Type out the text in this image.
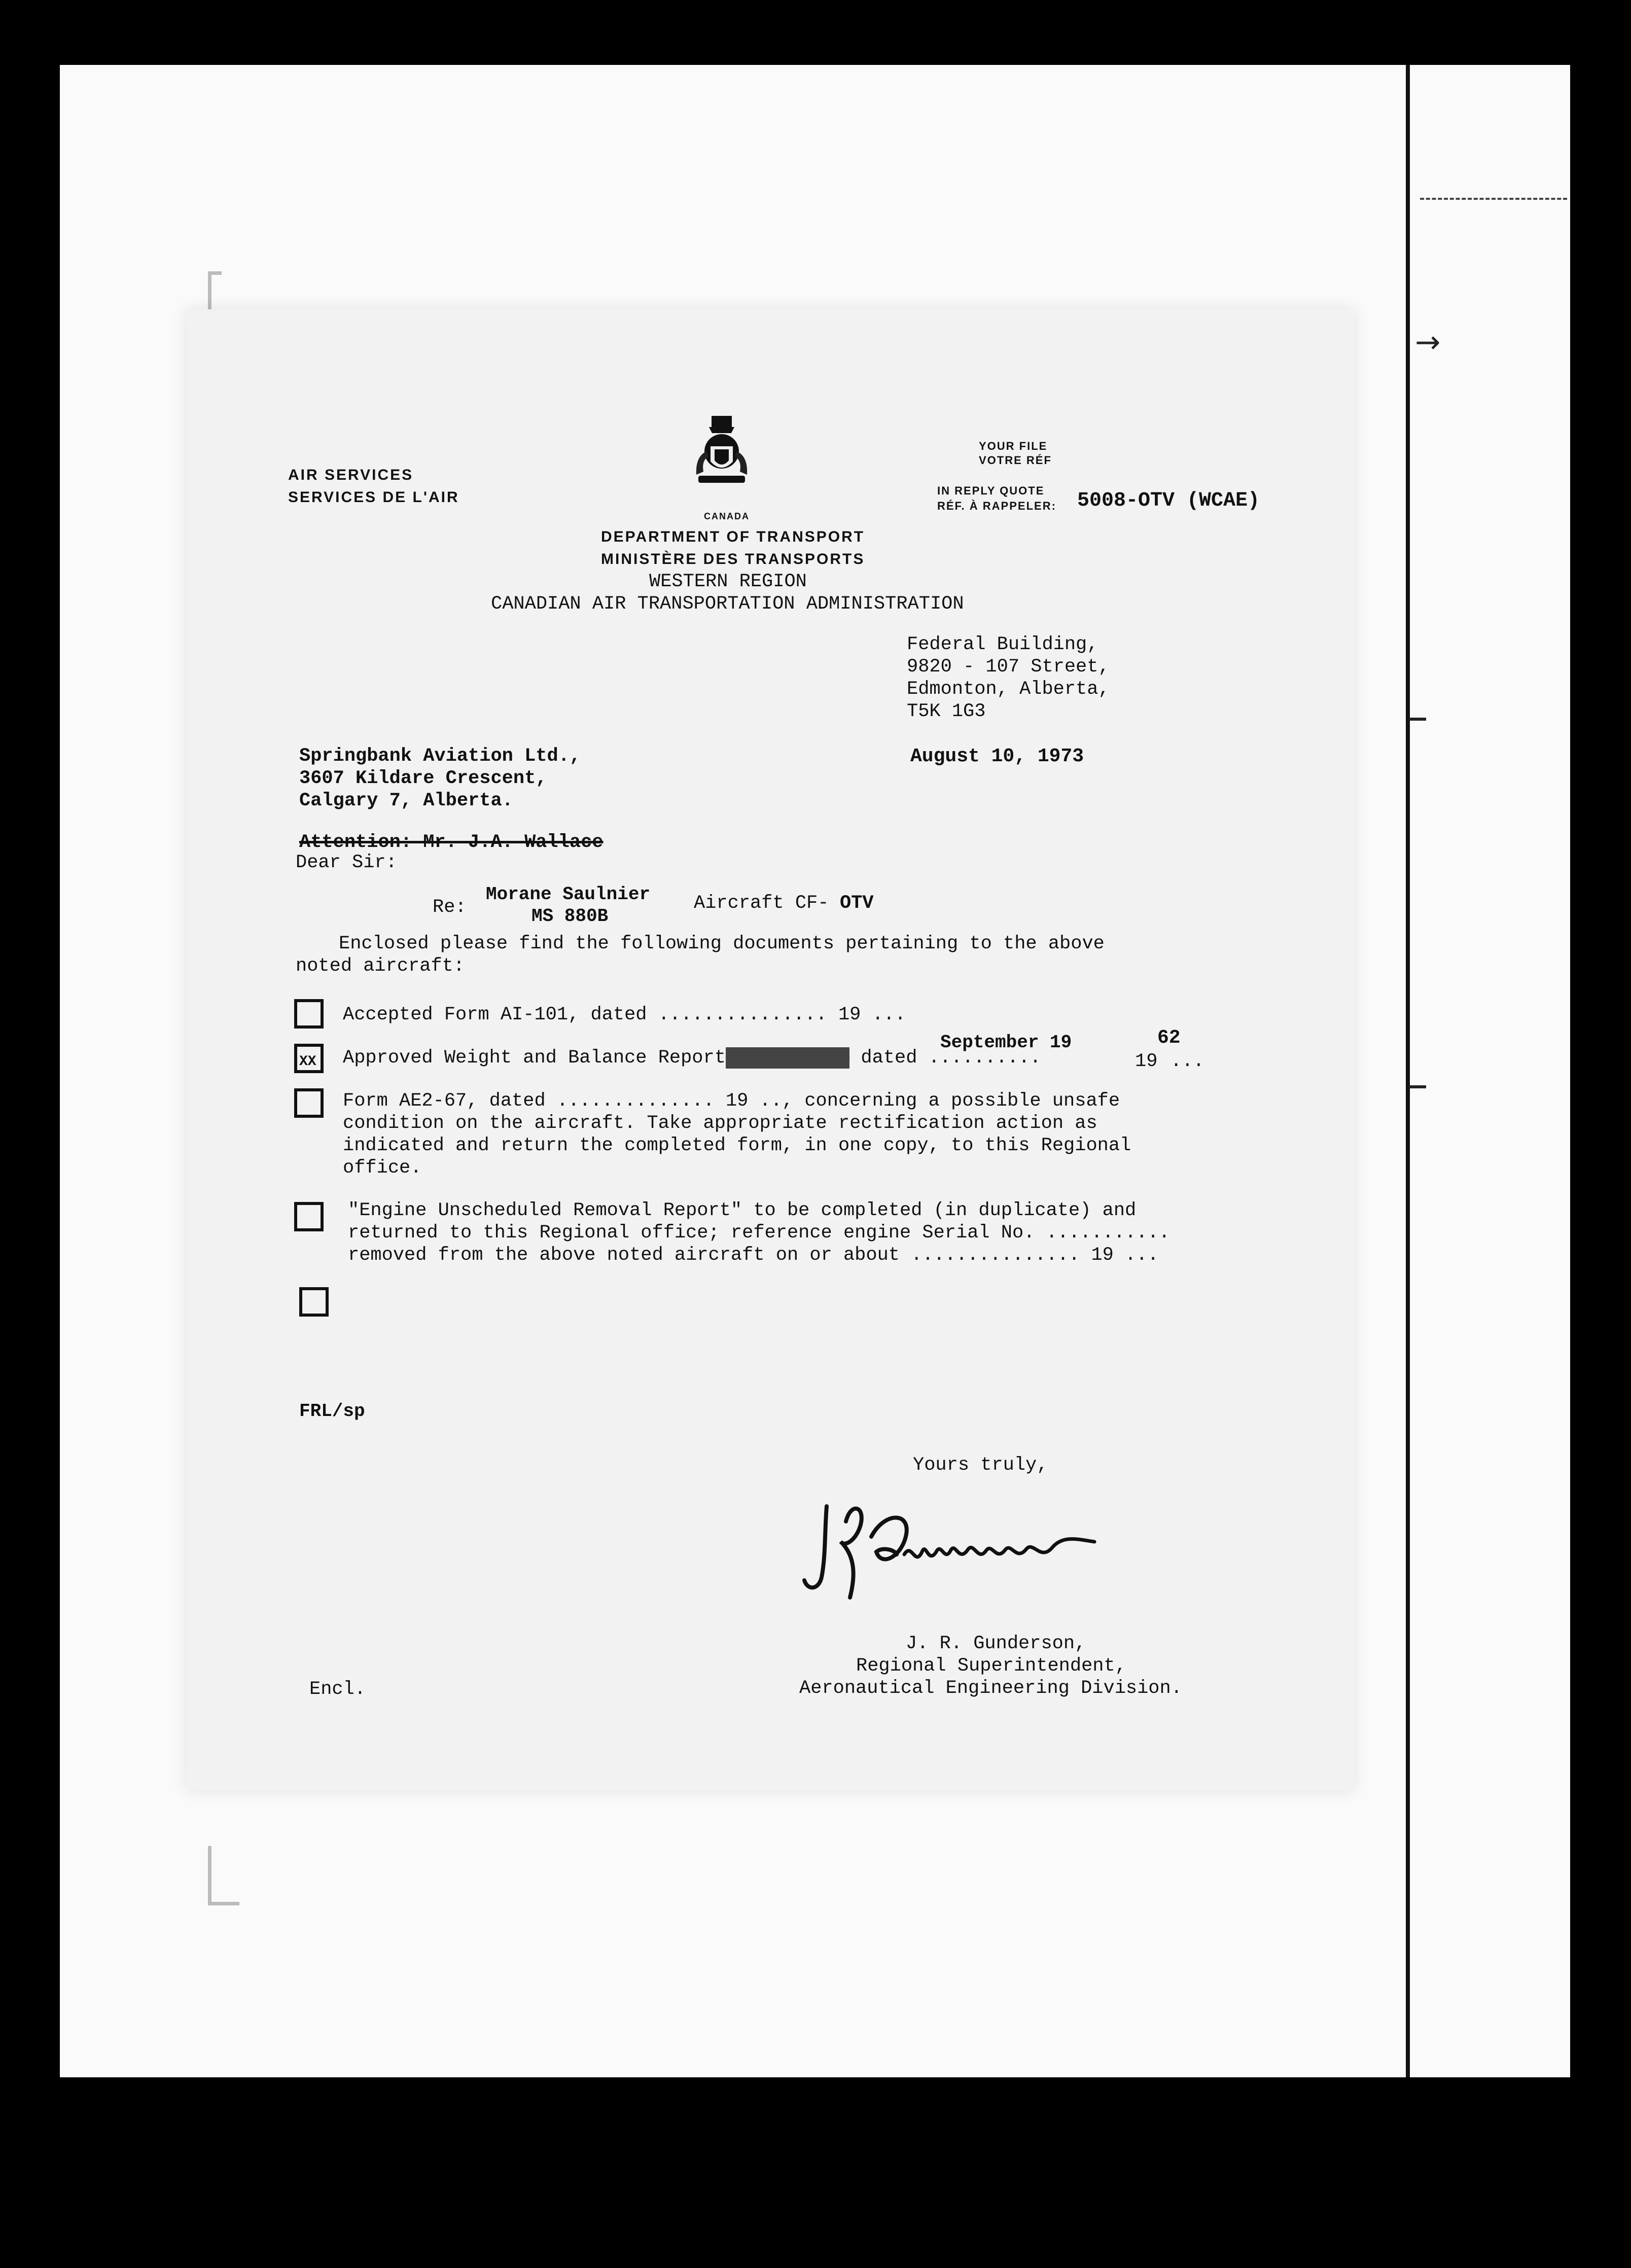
→
AIR SERVICES
SERVICES DE L'AIR
CANADA
DEPARTMENT OF TRANSPORT
MINISTÈRE DES TRANSPORTS
WESTERN REGION
CANADIAN AIR TRANSPORTATION ADMINISTRATION
YOUR FILE
VOTRE RÉF
IN REPLY QUOTE
RÉF. À RAPPELER: 5008-OTV (WCAE)
Federal Building,
9820 - 107 Street,
Edmonton, Alberta,
T5K 1G3
August 10, 1973
Springbank Aviation Ltd.,
3607 Kildare Crescent,
Calgary 7, Alberta.
Attention: Mr. J.A. Wallace
Dear Sir:
Re:
Morane Saulnier
MS 880B
Aircraft CF- OTV
Enclosed please find the following documents pertaining to the above
noted aircraft:
Accepted Form AI-101, dated ............... 19 ...
XX Approved Weight and Balance Report(amendment) dated ..........
September 19
19
62
...
Form AE2-67, dated .............. 19 .., concerning a possible unsafe
condition on the aircraft. Take appropriate rectification action as
indicated and return the completed form, in one copy, to this Regional
office.
"Engine Unscheduled Removal Report" to be completed (in duplicate) and
returned to this Regional office; reference engine Serial No. ...........
removed from the above noted aircraft on or about ............... 19 ...
FRL/sp
Yours truly,
J. R. Gunderson,
Regional Superintendent,
Aeronautical Engineering Division.
Encl.
